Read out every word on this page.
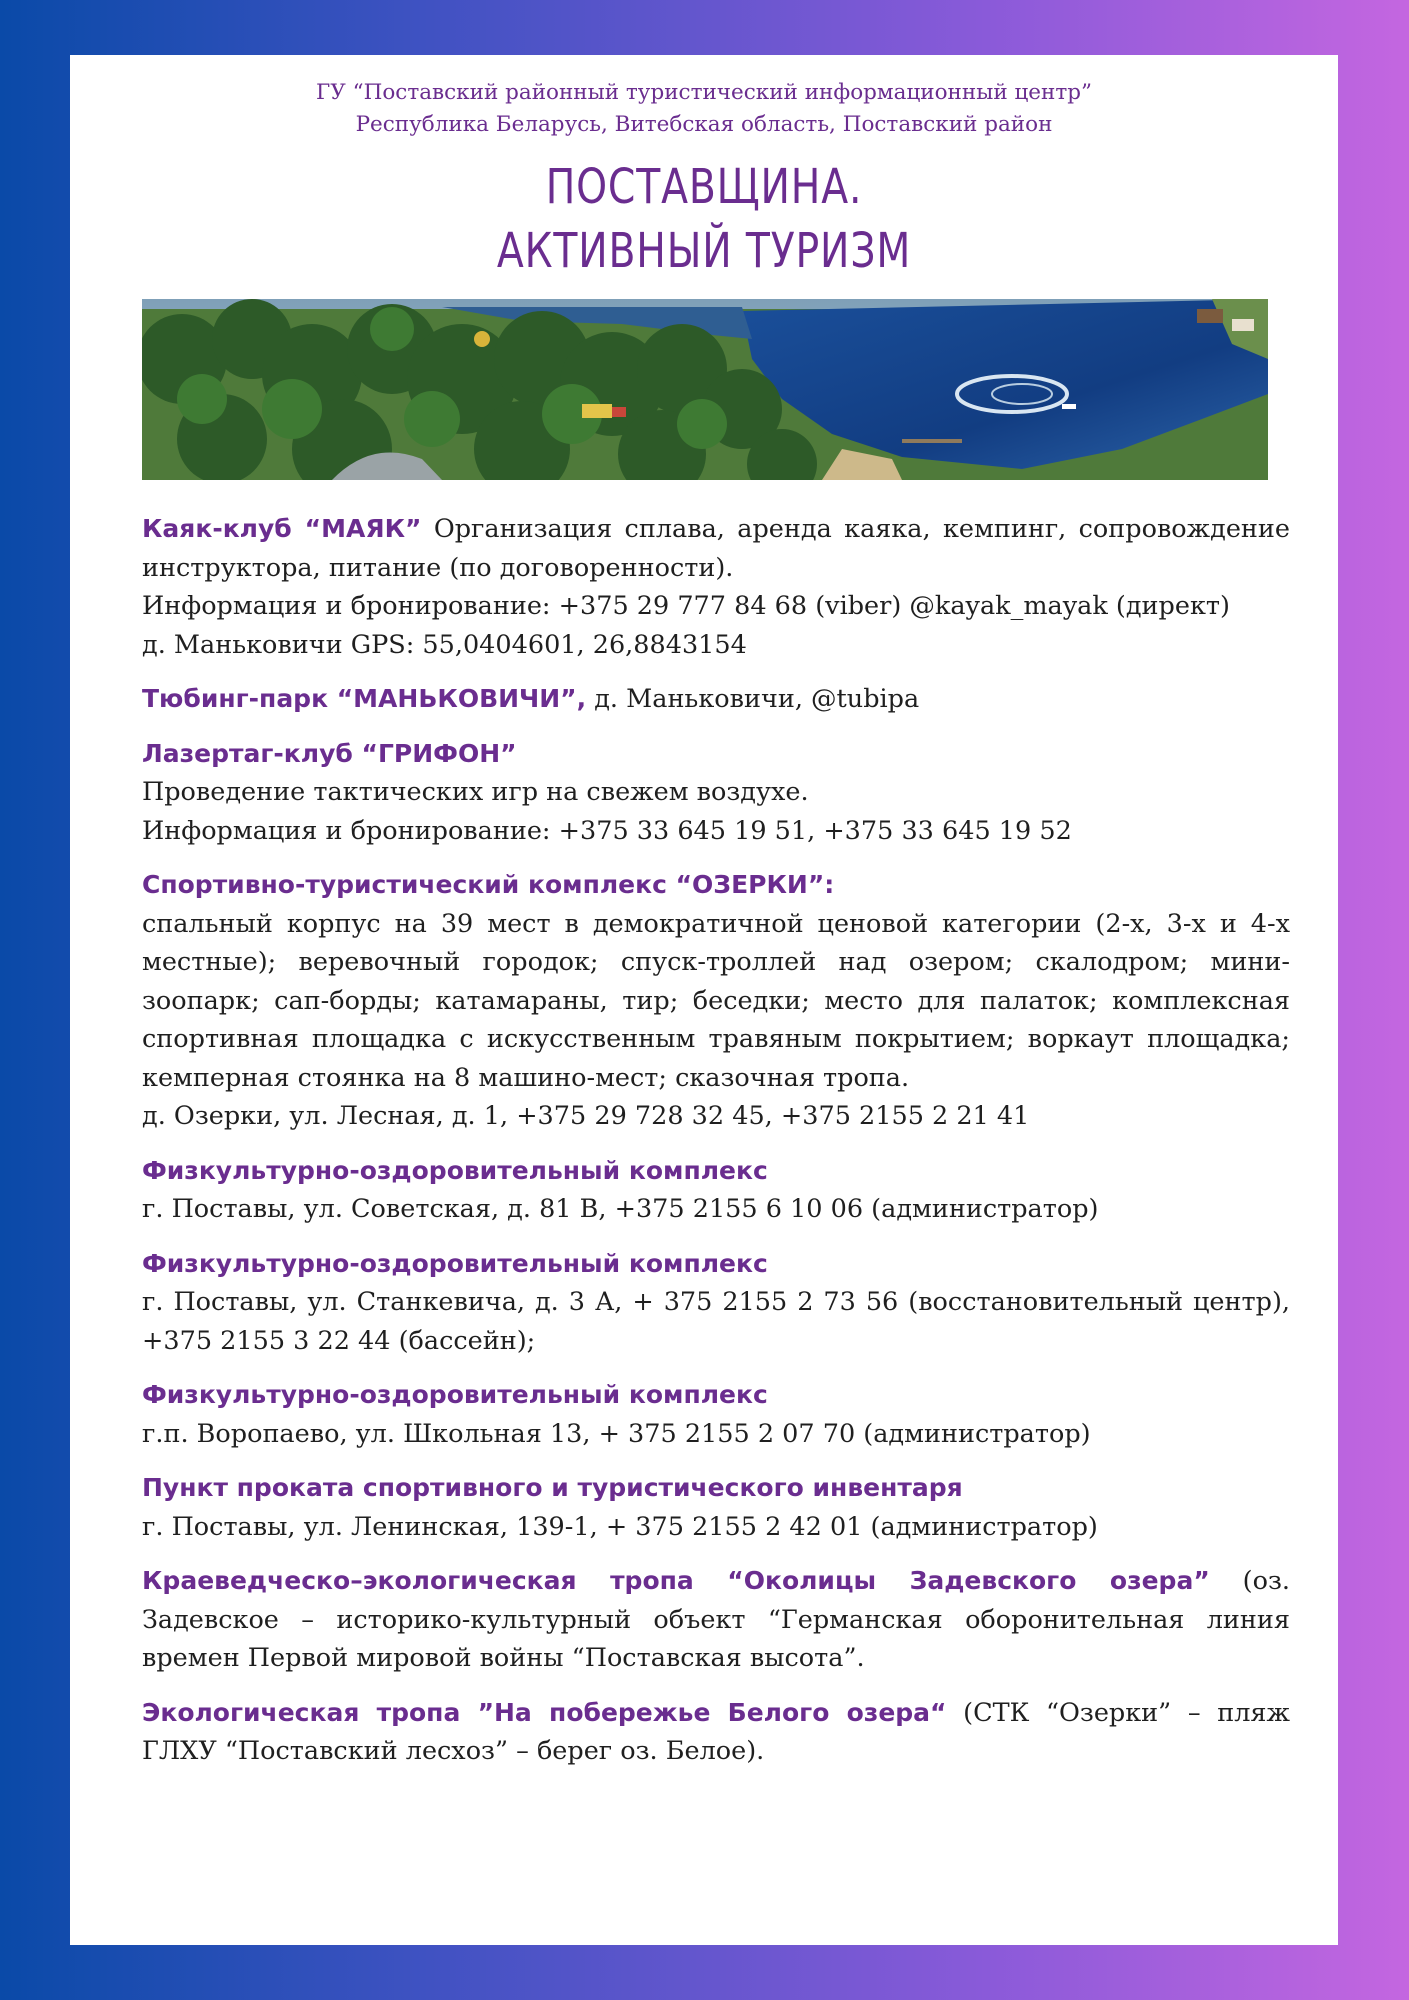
ГУ “Поставский районный туристический информационный центр”
Республика Беларусь, Витебская область, Поставский район
ПОСТАВЩИНА.
АКТИВНЫЙ ТУРИЗМ

Каяк-клуб “МАЯК” Организация сплава, аренда каяка, кемпинг, сопровождение инструктора, питание (по договоренности).

Информация и бронирование: +375 29 777 84 68 (viber) @kayak_mayak (директ)
д. Маньковичи GPS: 55,0404601, 26,8843154

Тюбинг-парк “МАНЬКОВИЧИ”, д. Маньковичи, @tubipa

Лазертаг-клуб “ГРИФОН”
Проведение тактических игр на свежем воздухе.
Информация и бронирование: +375 33 645 19 51, +375 33 645 19 52
Спортивно-туристический комплекс “ОЗЕРКИ”:

спальный корпус на 39 мест в демократичной ценовой категории (2-х, 3-х и 4-х местные); веревочный городок; спуск-троллей над озером; скалодром; мини-зоопарк; сап-борды; катамараны, тир; беседки; место для палаток; комплексная спортивная площадка с искусственным травяным покрытием; воркаут площадка; кемперная стоянка на 8 машино-мест; сказочная тропа.

д. Озерки, ул. Лесная, д. 1, +375 29 728 32 45, +375 2155 2 21 41
Физкультурно-оздоровительный комплекс
г. Поставы, ул. Советская, д. 81 В, +375 2155 6 10 06 (администратор)
Физкультурно-оздоровительный комплекс

г. Поставы, ул. Станкевича, д. 3 А, + 375 2155 2 73 56 (восстановительный центр), +375 2155 3 22 44 (бассейн);

Физкультурно-оздоровительный комплекс
г.п. Воропаево, ул. Школьная 13, + 375 2155 2 07 70 (администратор)
Пункт проката спортивного и туристического инвентаря
г. Поставы, ул. Ленинская, 139-1, + 375 2155 2 42 01 (администратор)

Краеведческо–экологическая тропа “Околицы Задевского озера” (оз. Задевское – историко-культурный объект “Германская оборонительная линия времен Первой мировой войны “Поставская высота”.

Экологическая тропа ”На побережье Белого озера“ (СТК “Озерки” – пляж ГЛХУ “Поставский лесхоз” – берег оз. Белое).
